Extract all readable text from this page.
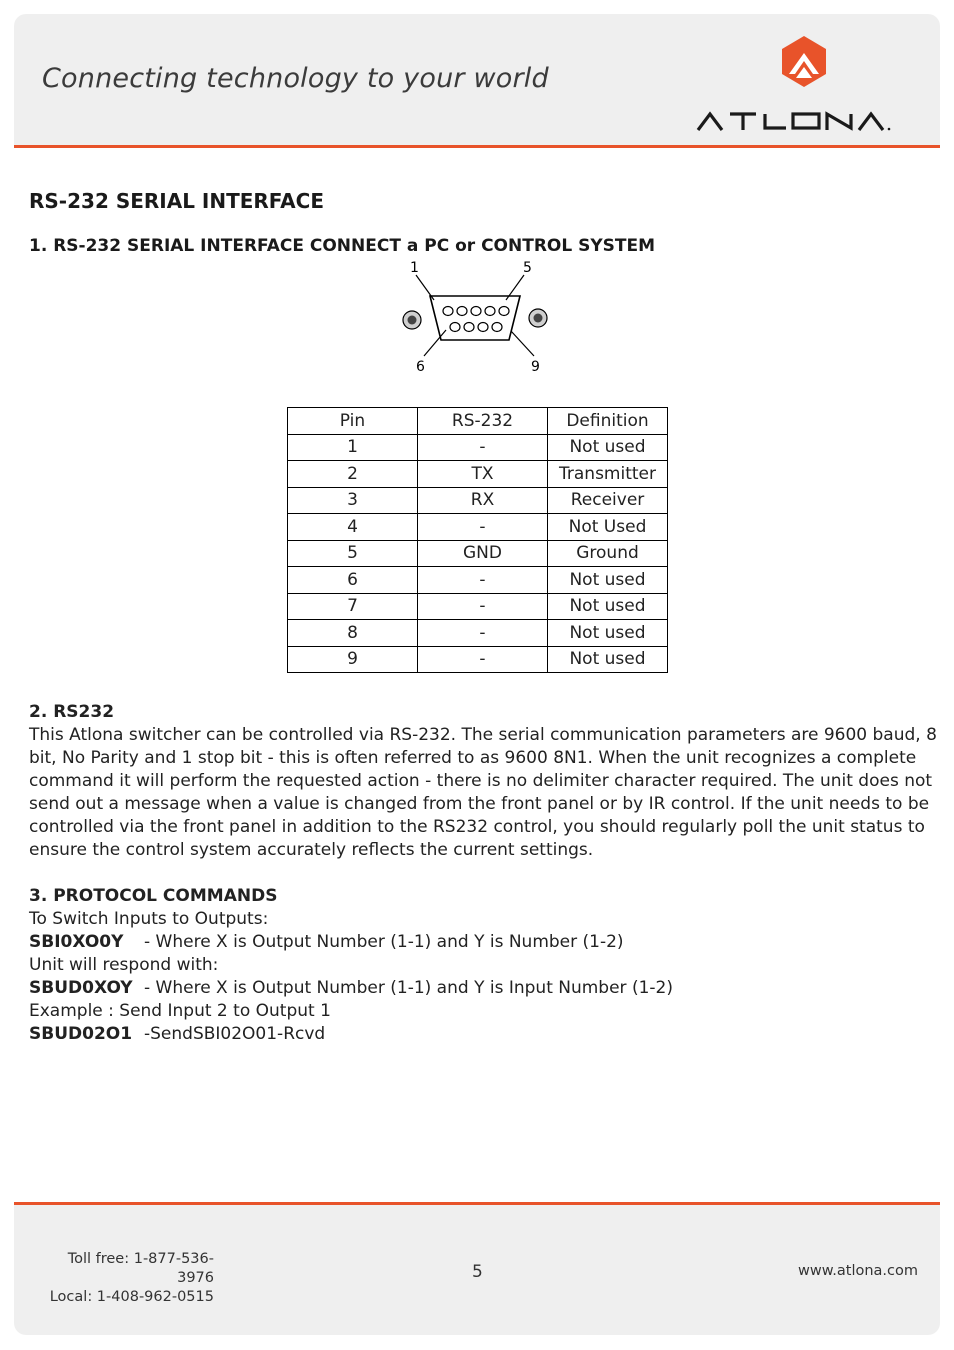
Connecting technology to your world
RS-232 SERIAL INTERFACE
1. RS-232 SERIAL INTERFACE CONNECT a PC or CONTROL SYSTEM
1	5
6	9
Pin	RS-232	Definition
1	-	Not used
2	TX	Transmitter
3	RX	Receiver
4	-	Not Used
5	GND	Ground
6	-	Not used
7	-	Not used
8	-	Not used
9	-	Not used
2. RS232
This Atlona switcher can be controlled via RS-232. The serial communication parameters are 9600 baud, 8
bit, No Parity and 1 stop bit - this is often referred to as 9600 8N1. When the unit recognizes a complete
command it will perform the requested action - there is no delimiter character required. The unit does not
send out a message when a value is changed from the front panel or by IR control. If the unit needs to be
controlled via the front panel in addition to the RS232 control, you should regularly poll the unit status to
ensure the control system accurately reflects the current settings.
3. PROTOCOL COMMANDS
To Switch Inputs to Outputs:
SBI0XO0Y - Where X is Output Number (1-1) and Y is Number (1-2)
Unit will respond with:
SBUD0XOY - Where X is Output Number (1-1) and Y is Input Number (1-2)
Example : Send Input 2 to Output 1
SBUD02O1 -SendSBI02O01-Rcvd
Toll free: 1-877-536-3976
Local: 1-408-962-0515
5	www.atlona.com
